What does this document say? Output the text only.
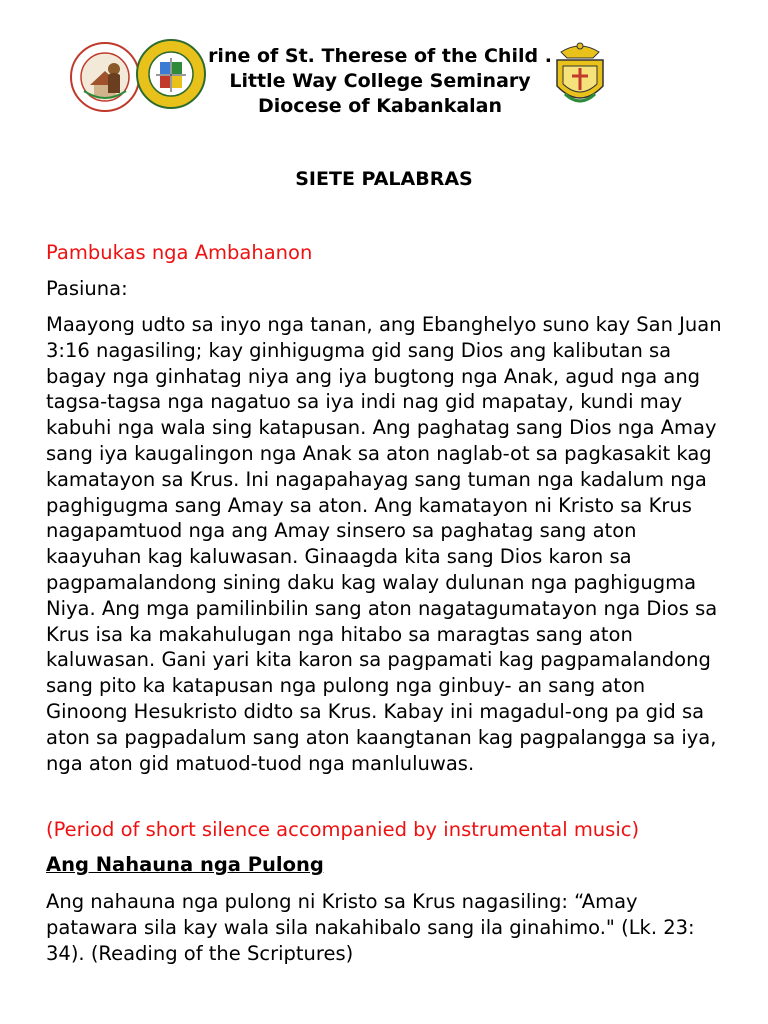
rine of St. Therese of the Child .
Little Way College Seminary
Diocese of Kabankalan
SIETE PALABRAS
Pambukas nga Ambahanon
Pasiuna:
Maayong udto sa inyo nga tanan, ang Ebanghelyo suno kay San Juan 3:16 nagasiling; kay ginhigugma gid sang Dios ang kalibutan sa bagay nga ginhatag niya ang iya bugtong nga Anak, agud nga ang tagsa-tagsa nga nagatuo sa iya indi nag gid mapatay, kundi may kabuhi nga wala sing katapusan. Ang paghatag sang Dios nga Amay sang iya kaugalingon nga Anak sa aton naglab-ot sa pagkasakit kag kamatayon sa Krus. Ini nagapahayag sang tuman nga kadalum nga paghigugma sang Amay sa aton. Ang kamatayon ni Kristo sa Krus nagapamtuod nga ang Amay sinsero sa paghatag sang aton kaayuhan kag kaluwasan. Ginaagda kita sang Dios karon sa pagpamalandong sining daku kag walay dulunan nga paghigugma Niya. Ang mga pamilinbilin sang aton nagatagumatayon nga Dios sa Krus isa ka makahulugan nga hitabo sa maragtas sang aton kaluwasan. Gani yari kita karon sa pagpamati kag pagpamalandong sang pito ka katapusan nga pulong nga ginbuy- an sang aton Ginoong Hesukristo didto sa Krus. Kabay ini magadul-ong pa gid sa aton sa pagpadalum sang aton kaangtanan kag pagpalangga sa iya, nga aton gid matuod-tuod nga manluluwas.
(Period of short silence accompanied by instrumental music)
Ang Nahauna nga Pulong
Ang nahauna nga pulong ni Kristo sa Krus nagasiling: “Amay patawara sila kay wala sila nakahibalo sang ila ginahimo." (Lk. 23: 34). (Reading of the Scriptures)
